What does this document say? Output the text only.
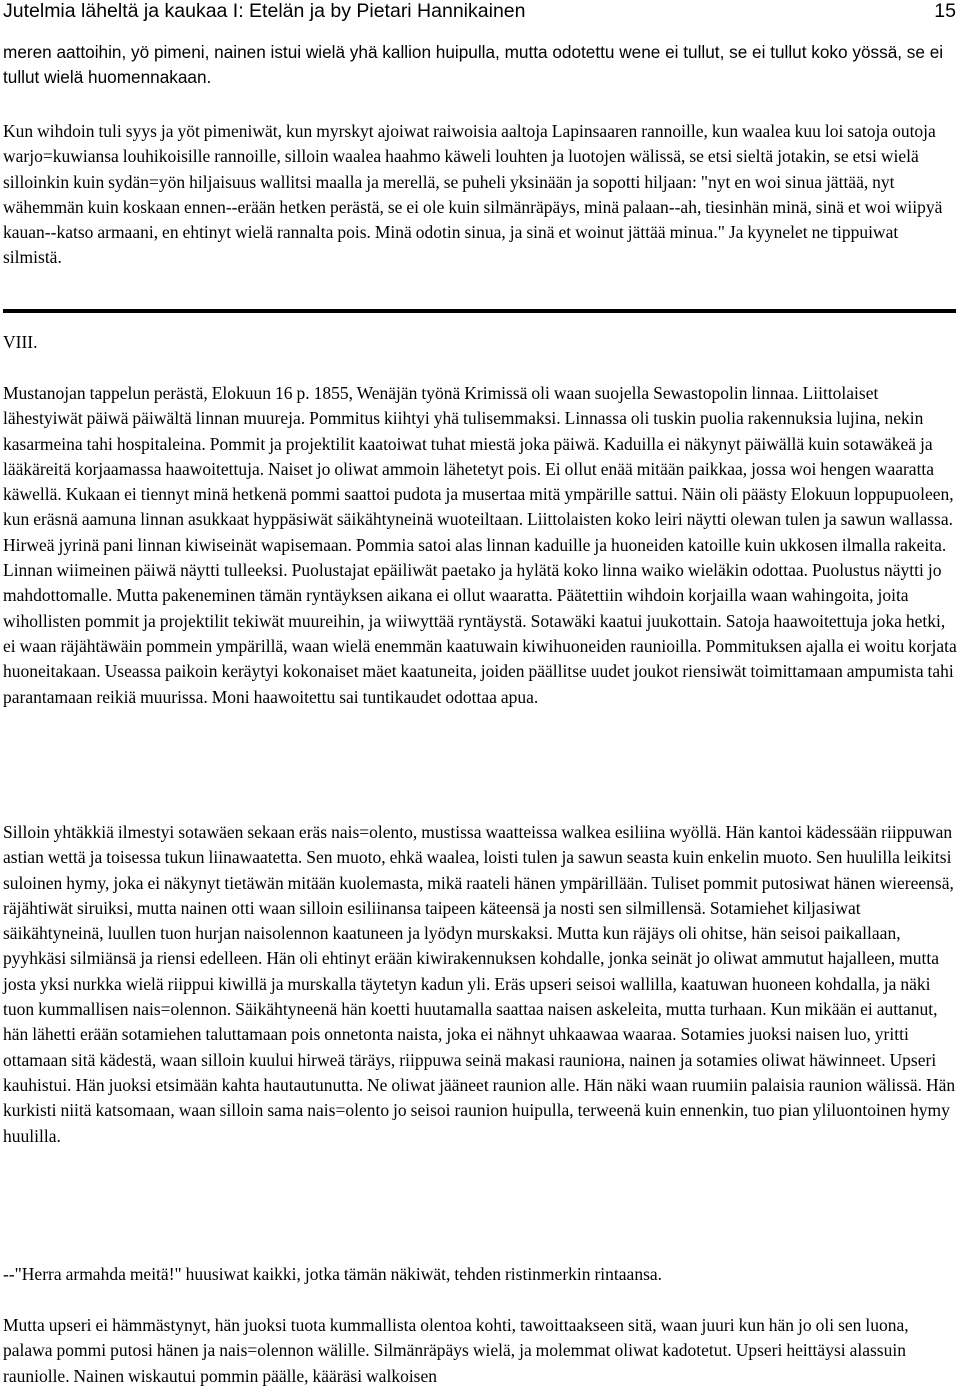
Jutelmia läheltä ja kaukaa I: Etelän ja by Pietari Hannikainen	15

meren aattoihin, yö pimeni, nainen istui wielä yhä kallion huipulla, mutta odotettu wene ei tullut, se ei tullut koko yössä, se ei tullut wielä huomennakaan.

Kun wihdoin tuli syys ja yöt pimeniwät, kun myrskyt ajoiwat raiwoisia aaltoja Lapinsaaren rannoille, kun waalea kuu loi satoja outoja warjo=kuwiansa louhikoisille rannoille, silloin waalea haahmo käweli louhten ja luotojen wälissä, se etsi sieltä jotakin, se etsi wielä silloinkin kuin sydän=yön hiljaisuus wallitsi maalla ja merellä, se puheli yksinään ja sopotti hiljaan: "nyt en woi sinua jättää, nyt wähemmän kuin koskaan ennen--erään hetken perästä, se ei ole kuin silmänräpäys, minä palaan--ah, tiesinhän minä, sinä et woi wiipyä kauan--katso armaani, en ehtinyt wielä rannalta pois. Minä odotin sinua, ja sinä et woinut jättää minua." Ja kyynelet ne tippuiwat silmistä.

VIII.

Mustanojan tappelun perästä, Elokuun 16 p. 1855, Wenäjän työnä Krimissä oli waan suojella Sewastopolin linnaa. Liittolaiset lähestyiwät päiwä päiwältä linnan muureja. Pommitus kiihtyi yhä tulisemmaksi. Linnassa oli tuskin puolia rakennuksia lujina, nekin kasarmeina tahi hospitaleina. Pommit ja projektilit kaatoiwat tuhat miestä joka päiwä. Kaduilla ei näkynyt päiwällä kuin sotawäkeä ja lääkäreitä korjaamassa haawoitettuja. Naiset jo oliwat ammoin lähetetyt pois. Ei ollut enää mitään paikkaa, jossa woi hengen waaratta käwellä. Kukaan ei tiennyt minä hetkenä pommi saattoi pudota ja musertaa mitä ympärille sattui. Näin oli päästy Elokuun loppupuoleen, kun eräsnä aamuna linnan asukkaat hyppäsiwät säikähtyneinä wuoteiltaan. Liittolaisten koko leiri näytti olewan tulen ja sawun wallassa. Hirweä jyrinä pani linnan kiwiseinät wapisemaan. Pommia satoi alas linnan kaduille ja huoneiden katoille kuin ukkosen ilmalla rakeita. Linnan wiimeinen päiwä näytti tulleeksi. Puolustajat epäiliwät paetako ja hylätä koko linna waiko wieläkin odottaa. Puolustus näytti jo mahdottomalle. Mutta pakeneminen tämän ryntäyksen aikana ei ollut waaratta. Päätettiin wihdoin korjailla waan wahingoita, joita wihollisten pommit ja projektilit tekiwät muureihin, ja wiiwyttää ryntäystä. Sotawäki kaatui juukottain. Satoja haawoitettuja joka hetki, ei waan räjähtäwäin pommein ympärillä, waan wielä enemmän kaatuwain kiwihuoneiden raunioilla. Pommituksen ajalla ei woitu korjata huoneitakaan. Useassa paikoin keräytyi kokonaiset mäet kaatuneita, joiden päällitse uudet joukot riensiwät toimittamaan ampumista tahi parantamaan reikiä muurissa. Moni haawoitettu sai tuntikaudet odottaa apua.

Silloin yhtäkkiä ilmestyi sotawäen sekaan eräs nais=olento, mustissa waatteissa walkea esiliina wyöllä. Hän kantoi kädessään riippuwan astian wettä ja toisessa tukun liinawaatetta. Sen muoto, ehkä waalea, loisti tulen ja sawun seasta kuin enkelin muoto. Sen huulilla leikitsi suloinen hymy, joka ei näkynyt tietäwän mitään kuolemasta, mikä raateli hänen ympärillään. Tuliset pommit putosiwat hänen wiereensä, räjähtiwät siruiksi, mutta nainen otti waan silloin esiliinansa taipeen käteensä ja nosti sen silmillensä. Sotamiehet kiljasiwat säikähtyneinä, luullen tuon hurjan naisolennon kaatuneen ja lyödyn murskaksi. Mutta kun räjäys oli ohitse, hän seisoi paikallaan, pyyhkäsi silmiänsä ja riensi edelleen. Hän oli ehtinyt erään kiwirakennuksen kohdalle, jonka seinät jo oliwat ammutut hajalleen, mutta josta yksi nurkka wielä riippui kiwillä ja murskalla täytetyn kadun yli. Eräs upseri seisoi wallilla, kaatuwan huoneen kohdalla, ja näki tuon kummallisen nais=olennon. Säikähtyneenä hän koetti huutamalla saattaa naisen askeleita, mutta turhaan. Kun mikään ei auttanut, hän lähetti erään sotamiehen taluttamaan pois onnetonta naista, joka ei nähnyt uhkaawaa waaraa. Sotamies juoksi naisen luo, yritti ottamaan sitä kädestä, waan silloin kuului hirweä täräys, riippuwa seinä makasi raunioна, nainen ja sotamies oliwat häwinneet. Upseri kauhistui. Hän juoksi etsimään kahta hautautunutta. Ne oliwat jääneet raunion alle. Hän näki waan ruumiin palaisia raunion wälissä. Hän kurkisti niitä katsomaan, waan silloin sama nais=olento jo seisoi raunion huipulla, terweenä kuin ennenkin, tuo pian yliluontoinen hymy huulilla.

--"Herra armahda meitä!" huusiwat kaikki, jotka tämän näkiwät, tehden ristinmerkin rintaansa.

Mutta upseri ei hämmästynyt, hän juoksi tuota kummallista olentoa kohti, tawoittaakseen sitä, waan juuri kun hän jo oli sen luona, palawa pommi putosi hänen ja nais=olennon wälille. Silmänräpäys wielä, ja molemmat oliwat kadotetut. Upseri heittäysi alassuin rauniolle. Nainen wiskautui pommin päälle, kääräsi walkoisen
